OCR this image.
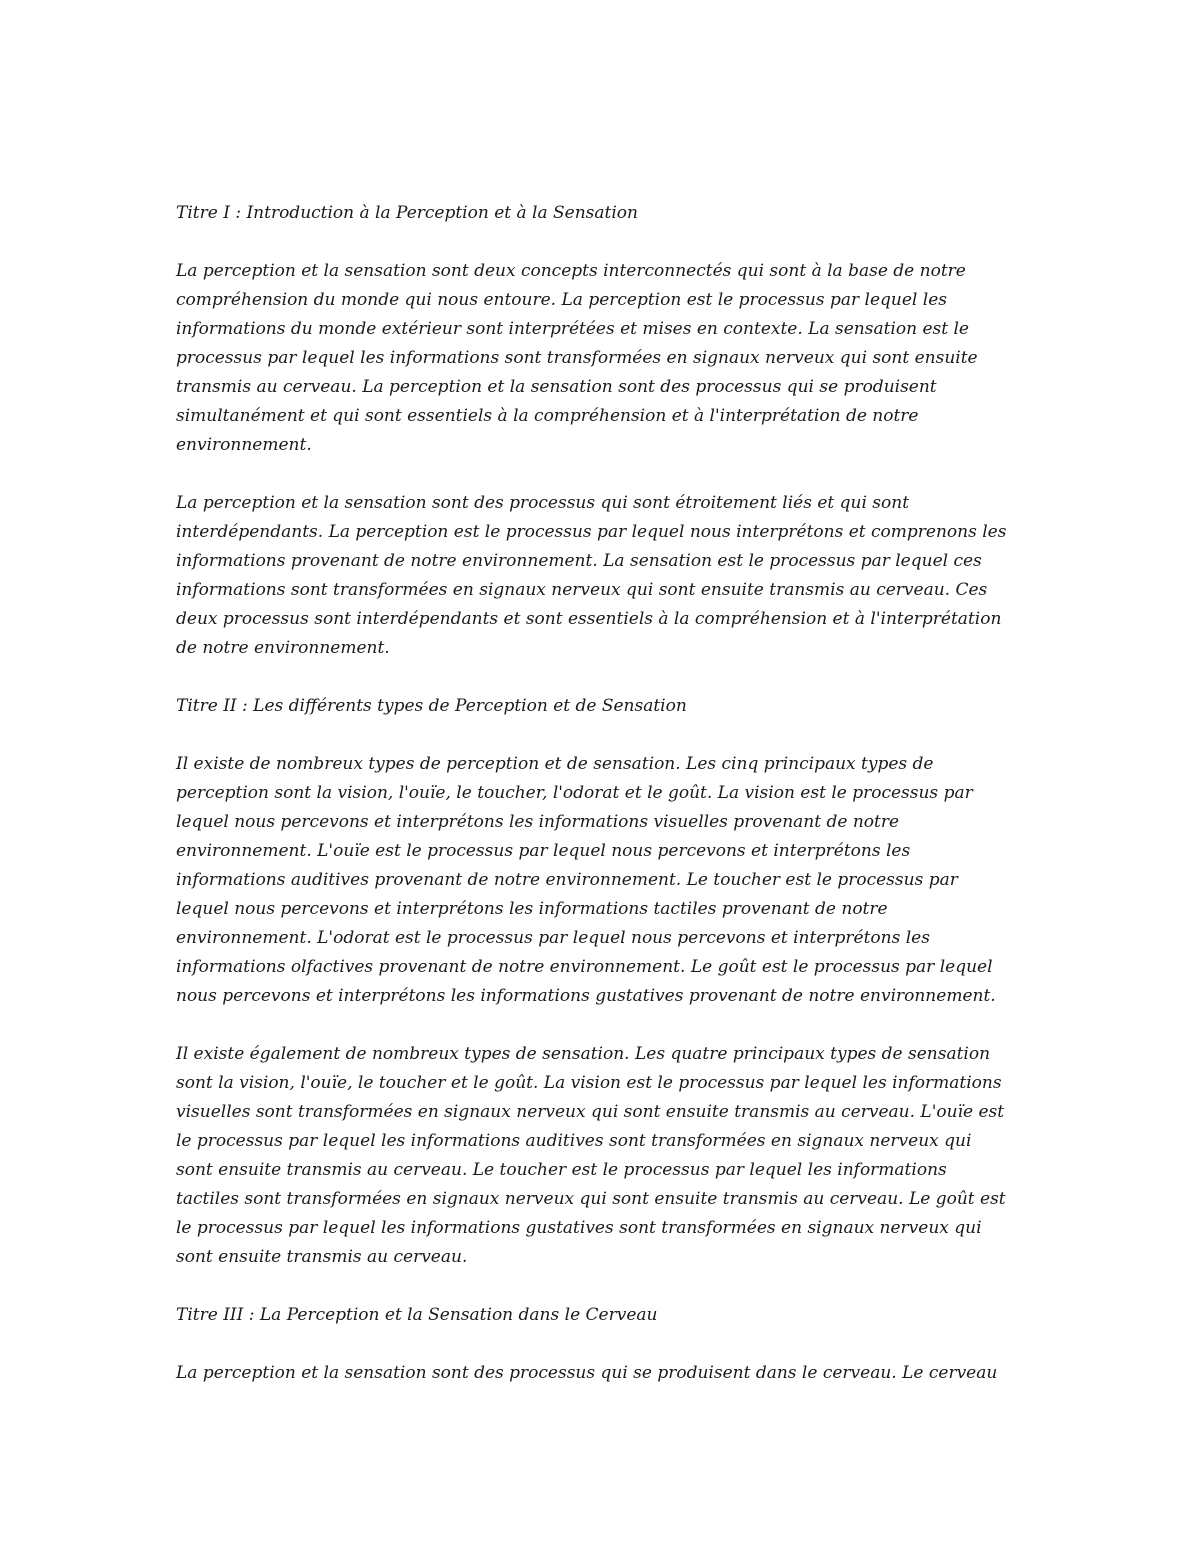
Titre I : Introduction à la Perception et à la Sensation
La perception et la sensation sont deux concepts interconnectés qui sont à la base de notre
compréhension du monde qui nous entoure. La perception est le processus par lequel les
informations du monde extérieur sont interprétées et mises en contexte. La sensation est le
processus par lequel les informations sont transformées en signaux nerveux qui sont ensuite
transmis au cerveau. La perception et la sensation sont des processus qui se produisent
simultanément et qui sont essentiels à la compréhension et à l'interprétation de notre
environnement.
La perception et la sensation sont des processus qui sont étroitement liés et qui sont
interdépendants. La perception est le processus par lequel nous interprétons et comprenons les
informations provenant de notre environnement. La sensation est le processus par lequel ces
informations sont transformées en signaux nerveux qui sont ensuite transmis au cerveau. Ces
deux processus sont interdépendants et sont essentiels à la compréhension et à l'interprétation
de notre environnement.
Titre II : Les différents types de Perception et de Sensation
Il existe de nombreux types de perception et de sensation. Les cinq principaux types de
perception sont la vision, l'ouïe, le toucher, l'odorat et le goût. La vision est le processus par
lequel nous percevons et interprétons les informations visuelles provenant de notre
environnement. L'ouïe est le processus par lequel nous percevons et interprétons les
informations auditives provenant de notre environnement. Le toucher est le processus par
lequel nous percevons et interprétons les informations tactiles provenant de notre
environnement. L'odorat est le processus par lequel nous percevons et interprétons les
informations olfactives provenant de notre environnement. Le goût est le processus par lequel
nous percevons et interprétons les informations gustatives provenant de notre environnement.
Il existe également de nombreux types de sensation. Les quatre principaux types de sensation
sont la vision, l'ouïe, le toucher et le goût. La vision est le processus par lequel les informations
visuelles sont transformées en signaux nerveux qui sont ensuite transmis au cerveau. L'ouïe est
le processus par lequel les informations auditives sont transformées en signaux nerveux qui
sont ensuite transmis au cerveau. Le toucher est le processus par lequel les informations
tactiles sont transformées en signaux nerveux qui sont ensuite transmis au cerveau. Le goût est
le processus par lequel les informations gustatives sont transformées en signaux nerveux qui
sont ensuite transmis au cerveau.
Titre III : La Perception et la Sensation dans le Cerveau
La perception et la sensation sont des processus qui se produisent dans le cerveau. Le cerveau
